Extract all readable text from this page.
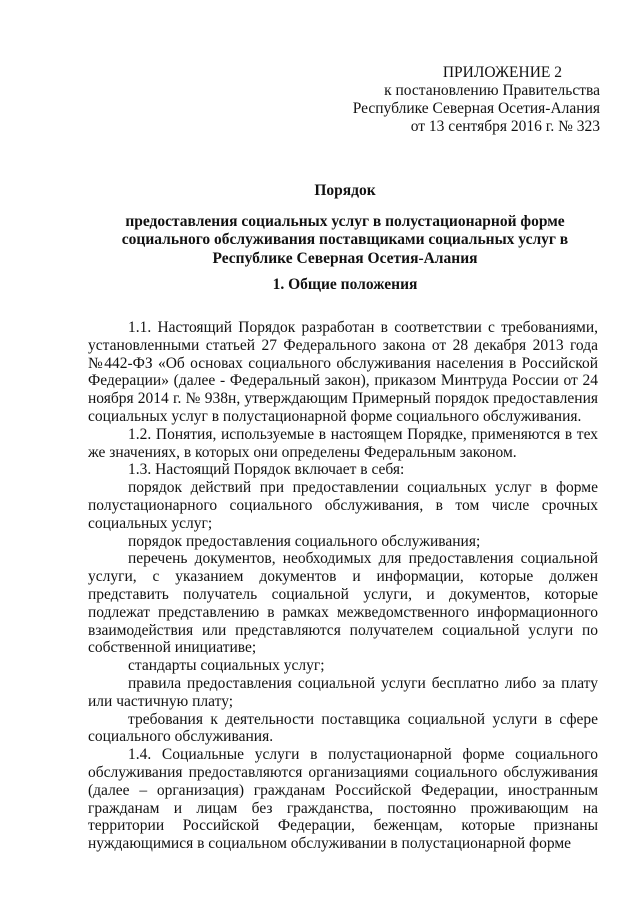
ПРИЛОЖЕНИЕ 2
к постановлению Правительства
Республике Северная Осетия-Алания
от 13 сентября 2016 г. № 323
Порядок
предоставления социальных услуг в полустационарной форме
социального обслуживания поставщиками социальных услуг в
Республике Северная Осетия-Алания
1. Общие положения

1.1. Настоящий Порядок разработан в соответствии с требованиями, установленными статьей 27 Федерального закона от 28 декабря 2013 года №442-ФЗ «Об основах социального обслуживания населения в Российской Федерации» (далее - Федеральный закон), приказом Минтруда России от 24 ноября 2014 г. № 938н, утверждающим Примерный порядок предоставления социальных услуг в полустационарной форме социального обслуживания.

1.2. Понятия, используемые в настоящем Порядке, применяются в тех же значениях, в которых они определены Федеральным законом.

1.3. Настоящий Порядок включает в себя:

порядок действий при предоставлении социальных услуг в форме полустационарного социального обслуживания, в том числе срочных социальных услуг;

порядок предоставления социального обслуживания;

перечень документов, необходимых для предоставления социальной услуги, с указанием документов и информации, которые должен представить получатель социальной услуги, и документов, которые подлежат представлению в рамках межведомственного информационного взаимодействия или представляются получателем социальной услуги по собственной инициативе;

стандарты социальных услуг;

правила предоставления социальной услуги бесплатно либо за плату или частичную плату;

требования к деятельности поставщика социальной услуги в сфере социального обслуживания.

1.4. Социальные услуги в полустационарной форме социального обслуживания предоставляются организациями социального обслуживания (далее – организация) гражданам Российской Федерации, иностранным гражданам и лицам без гражданства, постоянно проживающим на территории Российской Федерации, беженцам, которые признаны нуждающимися в социальном обслуживании в полустационарной форме
